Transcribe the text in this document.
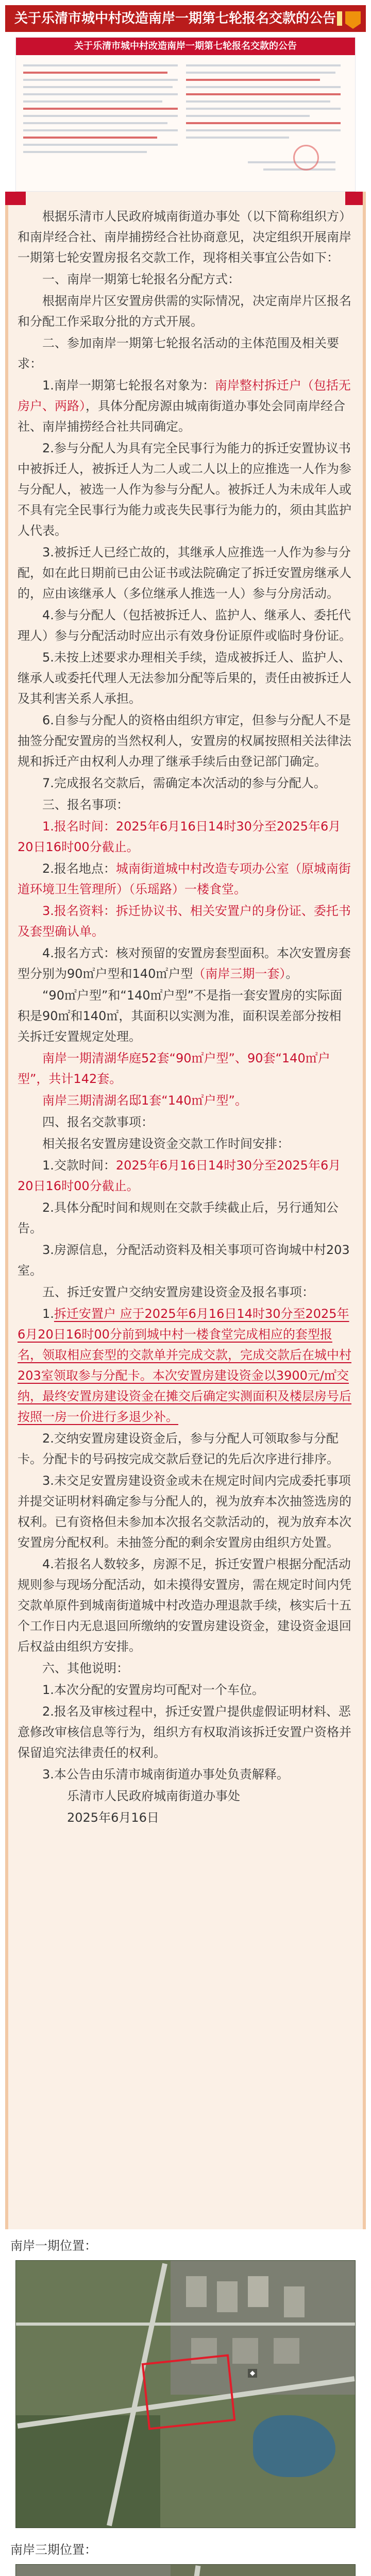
关于乐清市城中村改造南岸一期第七轮报名交款的公告
关于乐清市城中村改造南岸一期第七轮报名交款的公告

根据乐清市人民政府城南街道办事处（以下简称组织方）和南岸经合社、南岸捕捞经合社协商意见，决定组织开展南岸一期第七轮安置房报名交款工作，现将相关事宜公告如下：

一、南岸一期第七轮报名分配方式：

根据南岸片区安置房供需的实际情况，决定南岸片区报名和分配工作采取分批的方式开展。

二、参加南岸一期第七轮报名活动的主体范围及相关要求：

1.南岸一期第七轮报名对象为：南岸整村拆迁户（包括无房户、两路），具体分配房源由城南街道办事处会同南岸经合社、南岸捕捞经合社共同确定。

2.参与分配人为具有完全民事行为能力的拆迁安置协议书中被拆迁人，被拆迁人为二人或二人以上的应推选一人作为参与分配人，被选一人作为参与分配人。被拆迁人为未成年人或不具有完全民事行为能力或丧失民事行为能力的，须由其监护人代表。

3.被拆迁人已经亡故的，其继承人应推选一人作为参与分配，如在此日期前已由公证书或法院确定了拆迁安置房继承人的，应由该继承人（多位继承人推选一人）参与分房活动。

4.参与分配人（包括被拆迁人、监护人、继承人、委托代理人）参与分配活动时应出示有效身份证原件或临时身份证。

5.未按上述要求办理相关手续，造成被拆迁人、监护人、继承人或委托代理人无法参加分配等后果的，责任由被拆迁人及其利害关系人承担。

6.自参与分配人的资格由组织方审定，但参与分配人不是抽签分配安置房的当然权利人，安置房的权属按照相关法律法规和拆迁产由权利人办理了继承手续后由登记部门确定。

7.完成报名交款后，需确定本次活动的参与分配人。

三、报名事项：

1.报名时间：2025年6月16日14时30分至2025年6月20日16时00分截止。

2.报名地点：城南街道城中村改造专项办公室（原城南街道环境卫生管理所）（乐瑶路）一楼食堂。

3.报名资料：拆迁协议书、相关安置户的身份证、委托书及套型确认单。

4.报名方式：核对预留的安置房套型面积。本次安置房套型分别为90㎡户型和140㎡户型（南岸三期一套）。

“90㎡户型”和“140㎡户型”不是指一套安置房的实际面积是90㎡和140㎡，其面积以实测为准，面积误差部分按相关拆迁安置规定处理。

南岸一期清湖华庭52套“90㎡户型”、90套“140㎡户型”，共计142套。

南岸三期清湖名邸1套“140㎡户型”。

四、报名交款事项：

相关报名安置房建设资金交款工作时间安排：

1.交款时间：2025年6月16日14时30分至2025年6月20日16时00分截止。

2.具体分配时间和规则在交款手续截止后，另行通知公告。

3.房源信息，分配活动资料及相关事项可咨询城中村203室。

五、拆迁安置户交纳安置房建设资金及报名事项：

1.拆迁安置户 应于2025年6月16日14时30分至2025年6月20日16时00分前到城中村一楼食堂完成相应的套型报名，领取相应套型的交款单并完成交款，完成交款后在城中村203室领取参与分配卡。本次安置房建设资金以3900元/㎡交纳，最终安置房建设资金在摊交后确定实测面积及楼层房号后按照一房一价进行多退少补。

2.交纳安置房建设资金后，参与分配人可领取参与分配卡。分配卡的号码按完成交款后登记的先后次序进行排序。

3.未交足安置房建设资金或未在规定时间内完成委托事项并提交证明材料确定参与分配人的，视为放弃本次抽签选房的权利。已有资格但未参加本次报名交款活动的，视为放弃本次安置房分配权利。未抽签分配的剩余安置房由组织方处置。

4.若报名人数较多，房源不足，拆迁安置户根据分配活动规则参与现场分配活动，如未摸得安置房，需在规定时间内凭交款单原件到城南街道城中村改造办理退款手续，核实后十五个工作日内无息退回所缴纳的安置房建设资金，建设资金退回后权益由组织方安排。

六、其他说明：

1.本次分配的安置房均可配对一个车位。

2.报名及审核过程中，拆迁安置户提供虚假证明材料、恶意修改审核信息等行为，组织方有权取消该拆迁安置户资格并保留追究法律责任的权利。

3.本公告由乐清市城南街道办事处负责解释。

乐清市人民政府城南街道办事处

2025年6月16日

南岸一期位置：
◆
南岸三期位置：
